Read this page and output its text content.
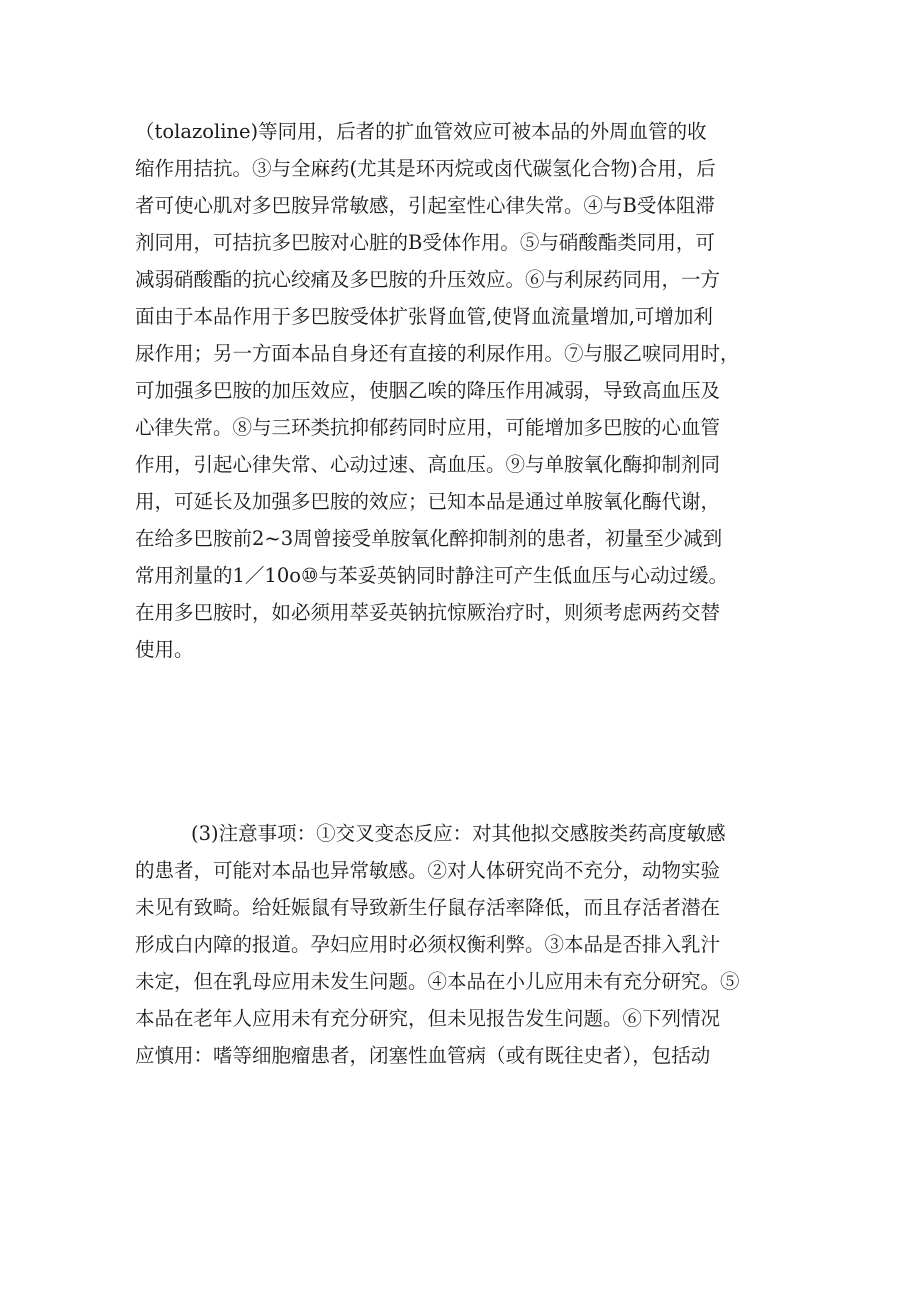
（tolazoline)等同用，后者的扩血管效应可被本品的外周血管的收
缩作用拮抗。③与全麻药(尤其是环丙烷或卤代碳氢化合物)合用，后
者可使心肌对多巴胺异常敏感，引起室性心律失常。④与B受体阻滞
剂同用，可拮抗多巴胺对心脏的B受体作用。⑤与硝酸酯类同用，可
减弱硝酸酯的抗心绞痛及多巴胺的升压效应。⑥与利尿药同用，一方
面由于本品作用于多巴胺受体扩张肾血管,使肾血流量增加,可增加利
尿作用；另一方面本品自身还有直接的利尿作用。⑦与服乙唳同用时，
可加强多巴胺的加压效应，使胭乙唉的降压作用减弱，导致高血压及
心律失常。⑧与三环类抗抑郁药同时应用，可能增加多巴胺的心血管
作用，引起心律失常、心动过速、高血压。⑨与单胺氧化酶抑制剂同
用，可延长及加强多巴胺的效应；已知本品是通过单胺氧化酶代谢，
在给多巴胺前2~3周曾接受单胺氧化醉抑制剂的患者，初量至少减到
常用剂量的1／10o⑩与苯妥英钠同时静注可产生低血压与心动过缓。
在用多巴胺时，如必须用萃妥英钠抗惊厥治疗时，则须考虑两药交替
使用。
(3)注意事项：①交叉变态反应：对其他拟交感胺类药高度敏感
的患者，可能对本品也异常敏感。②对人体研究尚不充分，动物实验
未见有致畸。给妊娠鼠有导致新生仔鼠存活率降低，而且存活者潜在
形成白内障的报道。孕妇应用时必须权衡利弊。③本品是否排入乳汁
未定，但在乳母应用未发生问题。④本品在小儿应用未有充分研究。⑤
本品在老年人应用未有充分研究，但未见报告发生问题。⑥下列情况
应慎用：嗜等细胞瘤患者，闭塞性血管病（或有既往史者），包括动
